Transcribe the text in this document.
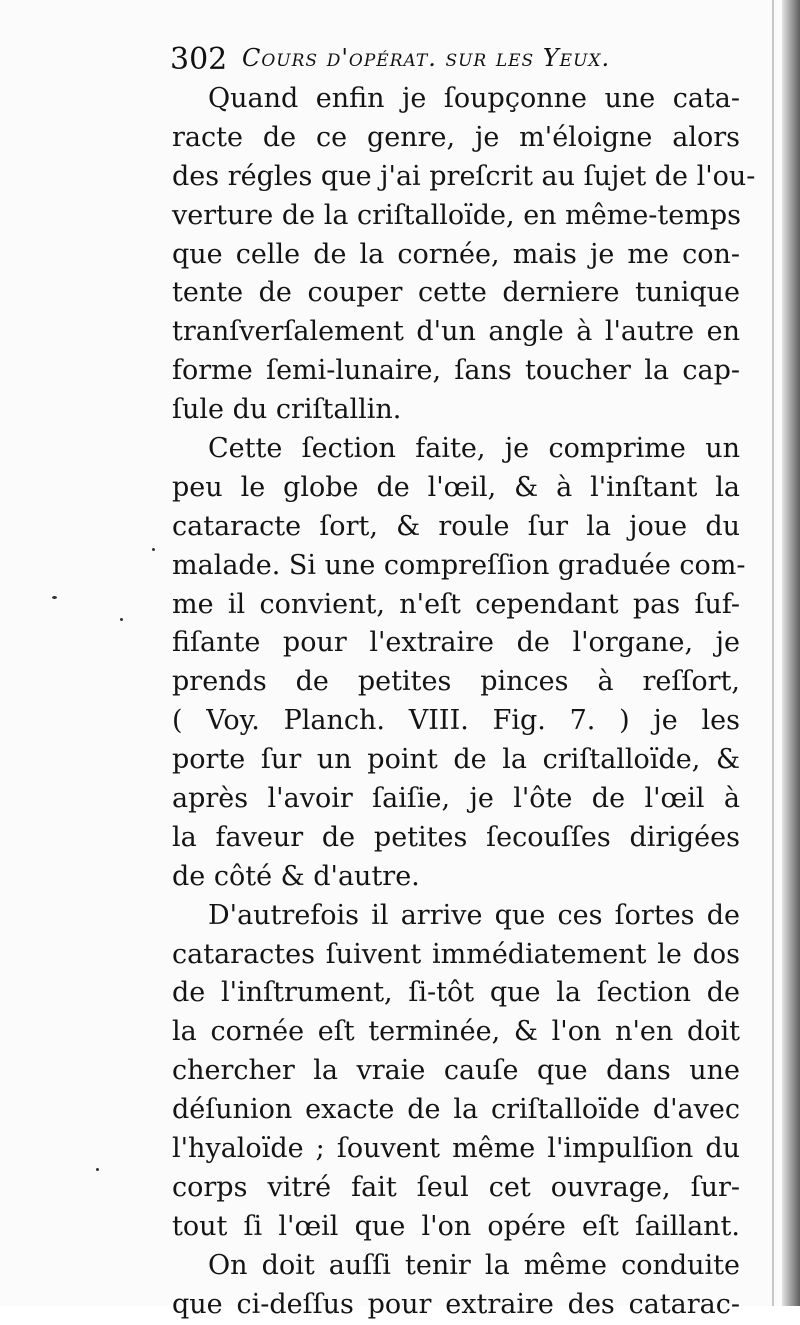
302 Cours d'opérat. sur les Yeux.
Quand enfin je ſoupçonne une cata-
racte de ce genre, je m'éloigne alors
des régles que j'ai preſcrit au ſujet de l'ou-
verture de la criſtalloïde, en même-temps
que celle de la cornée, mais je me con-
tente de couper cette derniere tunique
tranſverſalement d'un angle à l'autre en
forme ſemi-lunaire, ſans toucher la cap-
ſule du criſtallin.
Cette ſection faite, je comprime un
peu le globe de l'œil, & à l'inſtant la
cataracte ſort, & roule ſur la joue du
malade. Si une compreſſion graduée com-
me il convient, n'eſt cependant pas ſuf-
fiſante pour l'extraire de l'organe, je
prends de petites pinces à reſſort,
( Voy. Planch. VIII. Fig. 7. ) je les
porte ſur un point de la criſtalloïde, &
après l'avoir ſaiſie, je l'ôte de l'œil à
la faveur de petites ſecouſſes dirigées
de côté & d'autre.
D'autrefois il arrive que ces ſortes de
cataractes ſuivent immédiatement le dos
de l'inſtrument, ſi-tôt que la ſection de
la cornée eſt terminée, & l'on n'en doit
chercher la vraie cauſe que dans une
déſunion exacte de la criſtalloïde d'avec
l'hyaloïde ; ſouvent même l'impulſion du
corps vitré fait ſeul cet ouvrage, ſur-
tout ſi l'œil que l'on opére eſt ſaillant.
On doit auſſi tenir la même conduite
que ci-deſſus pour extraire des catarac-
